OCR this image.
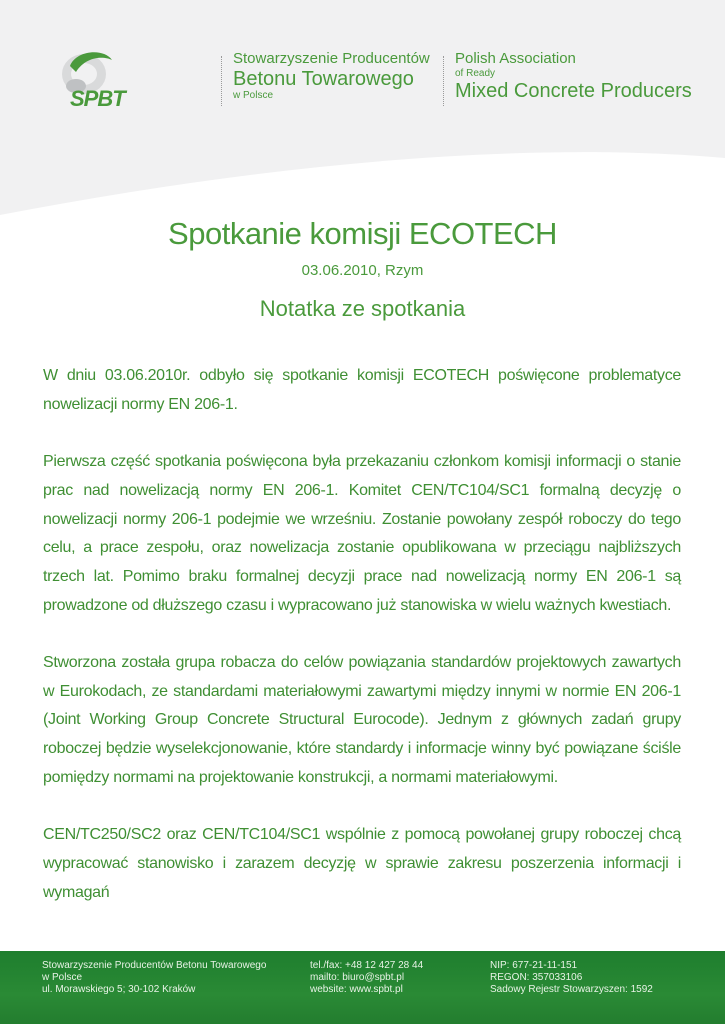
SPBT
Stowarzyszenie Producentów
Betonu Towarowego
w Polsce
Polish Association
of Ready
Mixed Concrete Producers
Spotkanie komisji ECOTECH
03.06.2010, Rzym
Notatka ze spotkania

W dniu 03.06.2010r. odbyło się spotkanie komisji ECOTECH poświęcone problematyce nowelizacji normy EN 206-1.

Pierwsza część spotkania poświęcona była przekazaniu członkom komisji informacji o stanie prac nad nowelizacją normy EN 206-1. Komitet CEN/TC104/SC1 formalną decyzję o nowelizacji normy 206-1 podejmie we wrześniu. Zostanie powołany zespół roboczy do tego celu, a prace zespołu, oraz nowelizacja zostanie opublikowana w przeciągu najbliższych trzech lat. Pomimo braku formalnej decyzji prace nad nowelizacją normy EN 206-1 są prowadzone od dłuższego czasu i wypracowano już stanowiska w wielu ważnych kwestiach.

Stworzona została grupa robacza do celów powiązania standardów projektowych zawartych w Eurokodach, ze standardami materiałowymi zawartymi między innymi w normie EN 206-1 (Joint Working Group Concrete Structural Eurocode). Jednym z głównych zadań grupy roboczej będzie wyselekcjonowanie, które standardy i informacje winny być powiązane ściśle pomiędzy normami na projektowanie konstrukcji, a normami materiałowymi.

CEN/TC250/SC2 oraz CEN/TC104/SC1 wspólnie z pomocą powołanej grupy roboczej chcą wypracować stanowisko i zarazem decyzję w sprawie zakresu poszerzenia informacji i wymagań

Stowarzyszenie Producentów Betonu Towarowego
w Polsce
ul. Morawskiego 5; 30-102 Kraków
tel./fax: +48 12 427 28 44
mailto: biuro@spbt.pl
website: www.spbt.pl
NIP: 677-21-11-151
REGON: 357033106
Sadowy Rejestr Stowarzyszen: 1592
